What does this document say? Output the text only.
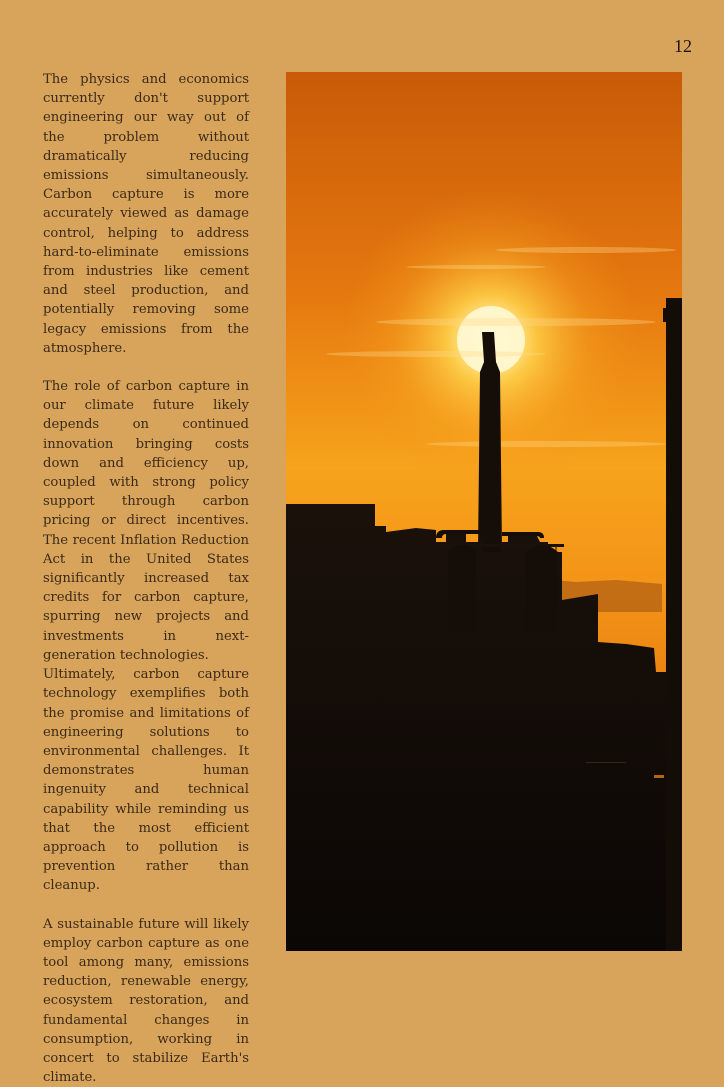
12

The physics and economics currently don't support engineering our way out of the problem without dramatically reducing emissions simultaneously. Carbon capture is more accurately viewed as damage control, helping to address hard-to-eliminate emissions from industries like cement and steel production, and potentially removing some legacy emissions from the atmosphere.

The role of carbon capture in our climate future likely depends on continued innovation bringing costs down and efficiency up, coupled with strong policy support through carbon pricing or direct incentives. The recent Inflation Reduction Act in the United States significantly increased tax credits for carbon capture, spurring new projects and investments in next-generation technologies.

Ultimately, carbon capture technology exemplifies both the promise and limitations of engineering solutions to environmental challenges. It demonstrates human ingenuity and technical capability while reminding us that the most efficient approach to pollution is prevention rather than cleanup.

A sustainable future will likely employ carbon capture as one tool among many, emissions reduction, renewable energy, ecosystem restoration, and fundamental changes in consumption, working in concert to stabilize Earth's climate.
